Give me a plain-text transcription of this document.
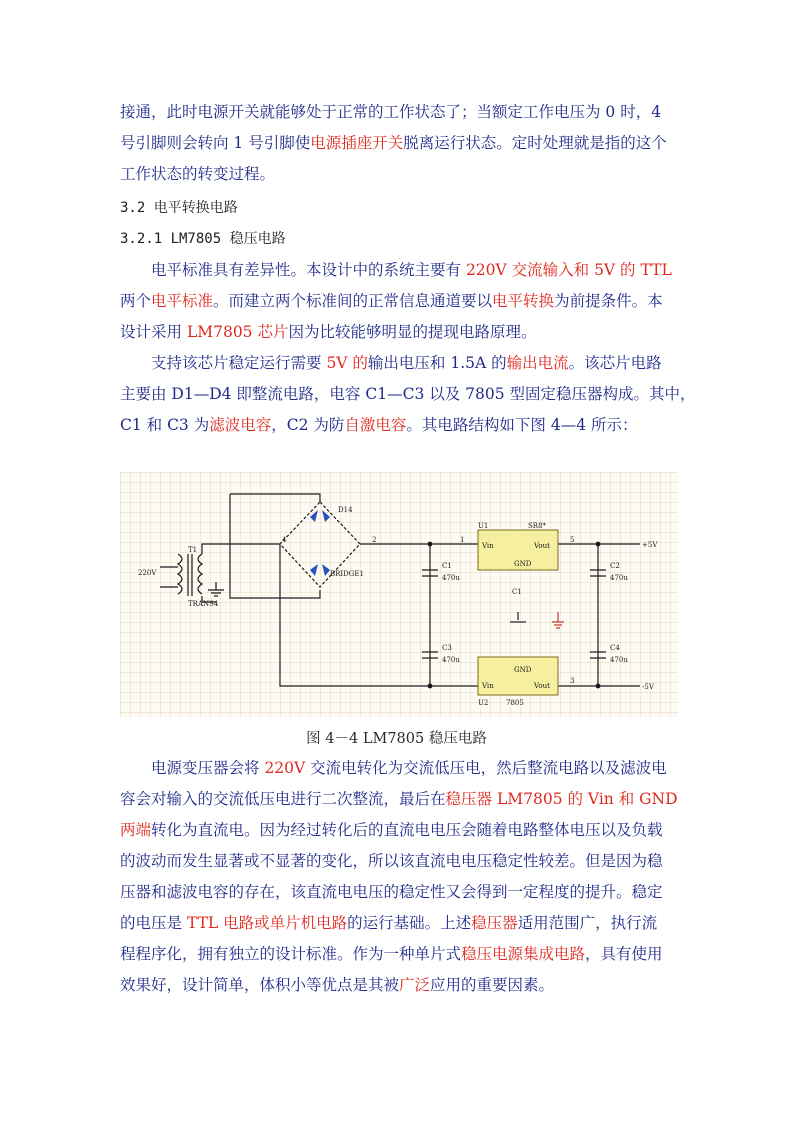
接通，此时电源开关就能够处于正常的工作状态了；当额定工作电压为 0 时，4
号引脚则会转向 1 号引脚使电源插座开关脱离运行状态。定时处理就是指的这个
工作状态的转变过程。
3.2 电平转换电路
3.2.1 LM7805 稳压电路
电平标准具有差异性。本设计中的系统主要有 220V 交流输入和 5V 的 TTL
两个电平标准。而建立两个标准间的正常信息通道要以电平转换为前提条件。本
设计采用 LM7805 芯片因为比较能够明显的提现电路原理。
支持该芯片稳定运行需要 5V 的输出电压和 1.5A 的输出电流。该芯片电路
主要由 D1—D4 即整流电路，电容 C1—C3 以及 7805 型固定稳压器构成。其中，
C1 和 C3 为滤波电容，C2 为防自激电容。其电路结构如下图 4—4 所示：
220V
T1
TRANS4
D14
BRIDGE1
4	2	1	5
3
U1	SR8*
Vin	Vout
GND
Vin	Vout
GND
U2	7805
C1
470u
C2
470u
C3
470u
C4
470u
C1
+5V
-5V
图 4－4 LM7805 稳压电路
电源变压器会将 220V 交流电转化为交流低压电，然后整流电路以及滤波电
容会对输入的交流低压电进行二次整流，最后在稳压器 LM7805 的 Vin 和 GND
两端转化为直流电。因为经过转化后的直流电电压会随着电路整体电压以及负载
的波动而发生显著或不显著的变化，所以该直流电电压稳定性较差。但是因为稳
压器和滤波电容的存在，该直流电电压的稳定性又会得到一定程度的提升。稳定
的电压是 TTL 电路或单片机电路的运行基础。上述稳压器适用范围广，执行流
程程序化，拥有独立的设计标准。作为一种单片式稳压电源集成电路，具有使用
效果好，设计简单，体积小等优点是其被广泛应用的重要因素。
